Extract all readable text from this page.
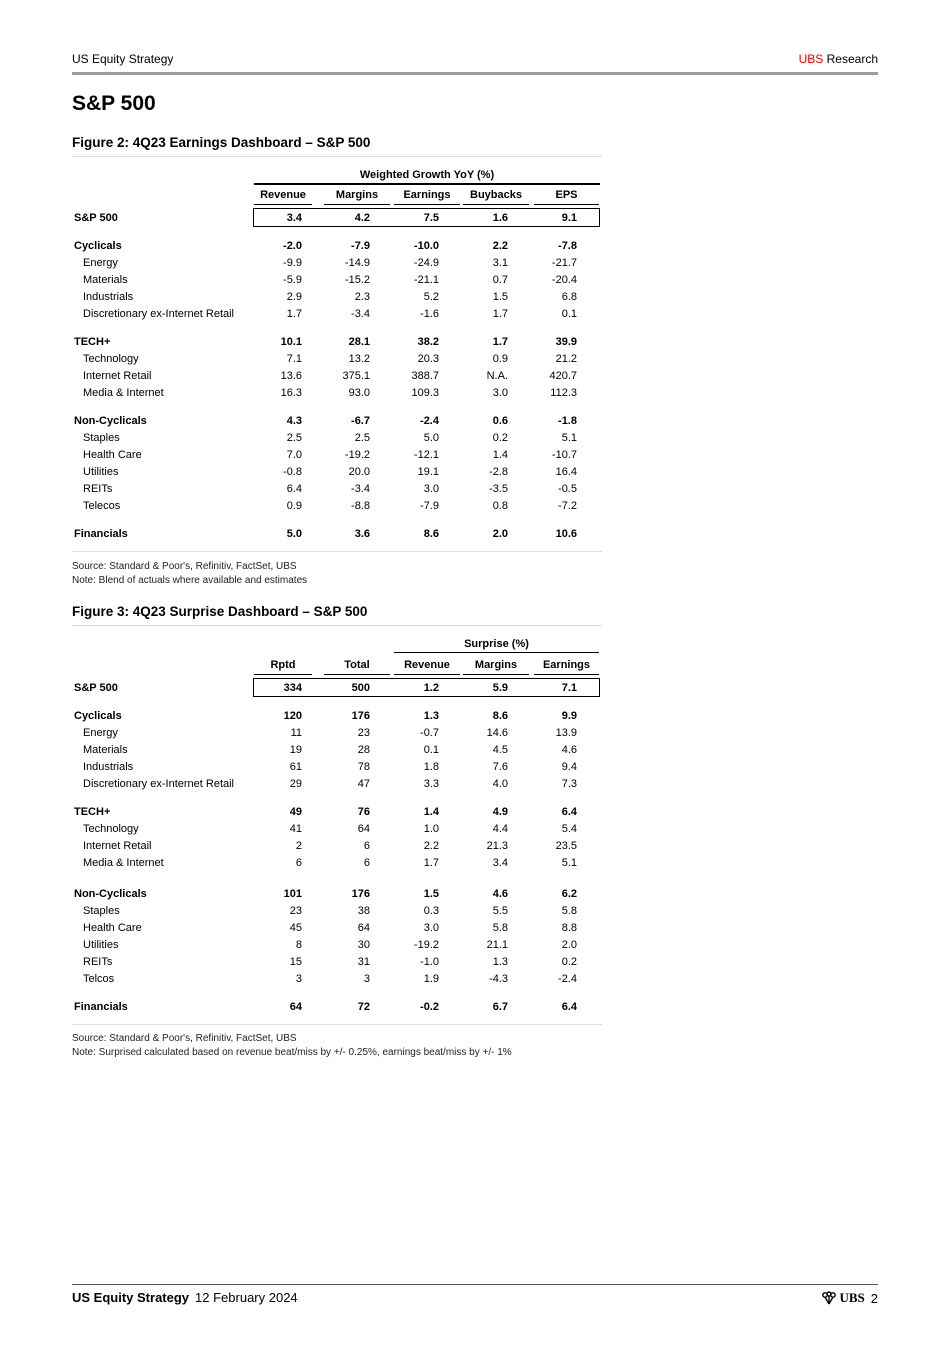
US Equity Strategy	UBS Research
S&P 500
Figure 2: 4Q23 Earnings Dashboard – S&P 500
Weighted Growth YoY (%)
Revenue	Margins	Earnings	Buybacks	EPS
S&P 500	3.4	4.2	7.5	1.6	9.1
Cyclicals	-2.0	-7.9	-10.0	2.2	-7.8
Energy	-9.9	-14.9	-24.9	3.1	-21.7
Materials	-5.9	-15.2	-21.1	0.7	-20.4
Industrials	2.9	2.3	5.2	1.5	6.8
Discretionary ex-Internet Retail	1.7	-3.4	-1.6	1.7	0.1
TECH+	10.1	28.1	38.2	1.7	39.9
Technology	7.1	13.2	20.3	0.9	21.2
Internet Retail	13.6	375.1	388.7	N.A.	420.7
Media & Internet	16.3	93.0	109.3	3.0	112.3
Non-Cyclicals	4.3	-6.7	-2.4	0.6	-1.8
Staples	2.5	2.5	5.0	0.2	5.1
Health Care	7.0	-19.2	-12.1	1.4	-10.7
Utilities	-0.8	20.0	19.1	-2.8	16.4
REITs	6.4	-3.4	3.0	-3.5	-0.5
Telecos	0.9	-8.8	-7.9	0.8	-7.2
Financials	5.0	3.6	8.6	2.0	10.6
Source: Standard & Poor's, Refinitiv, FactSet, UBS
Note: Blend of actuals where available and estimates
Figure 3: 4Q23 Surprise Dashboard – S&P 500
Surprise (%)
Rptd	Total	Revenue	Margins	Earnings
S&P 500	334	500	1.2	5.9	7.1
Cyclicals	120	176	1.3	8.6	9.9
Energy	11	23	-0.7	14.6	13.9
Materials	19	28	0.1	4.5	4.6
Industrials	61	78	1.8	7.6	9.4
Discretionary ex-Internet Retail	29	47	3.3	4.0	7.3
TECH+	49	76	1.4	4.9	6.4
Technology	41	64	1.0	4.4	5.4
Internet Retail	2	6	2.2	21.3	23.5
Media & Internet	6	6	1.7	3.4	5.1
Non-Cyclicals	101	176	1.5	4.6	6.2
Staples	23	38	0.3	5.5	5.8
Health Care	45	64	3.0	5.8	8.8
Utilities	8	30	-19.2	21.1	2.0
REITs	15	31	-1.0	1.3	0.2
Telcos	3	3	1.9	-4.3	-2.4
Financials	64	72	-0.2	6.7	6.4
Source: Standard & Poor's, Refinitiv, FactSet, UBS
Note: Surprised calculated based on revenue beat/miss by +/- 0.25%, earnings beat/miss by +/- 1%
US Equity Strategy 12 February 2024	UBS 2
